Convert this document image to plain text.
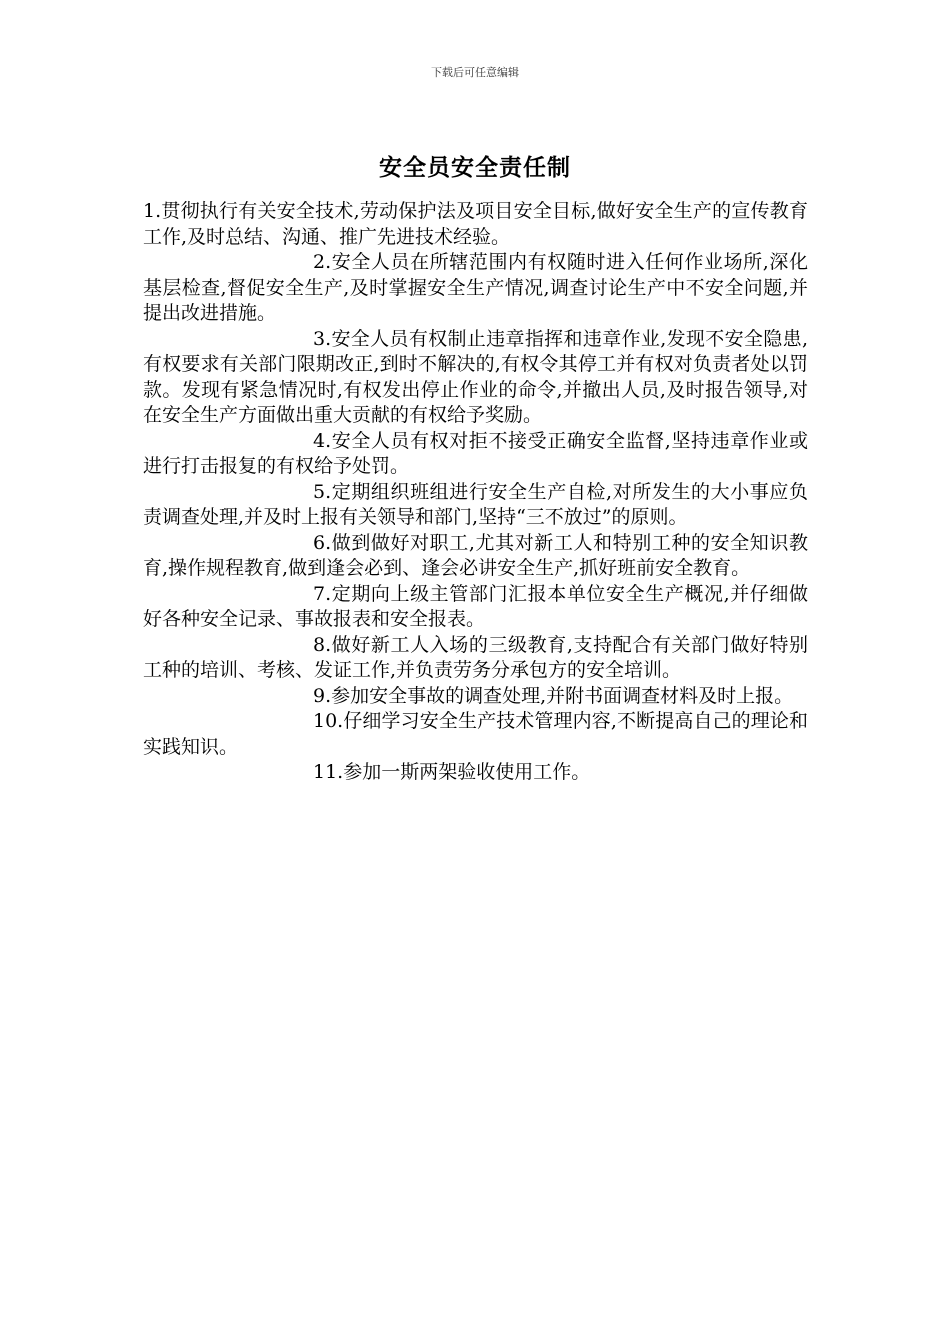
下载后可任意编辑
安全员安全责任制

1.贯彻执行有关安全技术,劳动保护法及项目安全目标,做好安全生产的宣传教育工作,及时总结、沟通、推广先进技术经验。

2.安全人员在所辖范围内有权随时进入任何作业场所,深化基层检查,督促安全生产,及时掌握安全生产情况,调查讨论生产中不安全问题,并提出改进措施。

3.安全人员有权制止违章指挥和违章作业,发现不安全隐患,有权要求有关部门限期改正,到时不解决的,有权令其停工并有权对负责者处以罚款。发现有紧急情况时,有权发出停止作业的命令,并撤出人员,及时报告领导,对在安全生产方面做出重大贡献的有权给予奖励。

4.安全人员有权对拒不接受正确安全监督,坚持违章作业或进行打击报复的有权给予处罚。

5.定期组织班组进行安全生产自检,对所发生的大小事应负责调查处理,并及时上报有关领导和部门,坚持“三不放过”的原则。

6.做到做好对职工,尤其对新工人和特别工种的安全知识教育,操作规程教育,做到逢会必到、逢会必讲安全生产,抓好班前安全教育。

7.定期向上级主管部门汇报本单位安全生产概况,并仔细做好各种安全记录、事故报表和安全报表。

8.做好新工人入场的三级教育,支持配合有关部门做好特别工种的培训、考核、发证工作,并负责劳务分承包方的安全培训。

9.参加安全事故的调查处理,并附书面调查材料及时上报。

10.仔细学习安全生产技术管理内容,不断提高自己的理论和实践知识。

11.参加一斯两架验收使用工作。
